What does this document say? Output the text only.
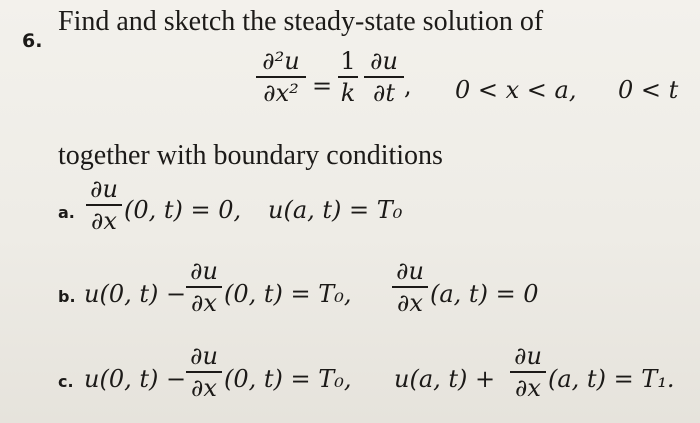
6.
Find and sketch the steady-state solution of
∂²u
∂x² =
1
k
∂u
∂t , 0 < x < a, 0 < t
together with boundary conditions
a.
∂u
∂x (0, t) = 0, u(a, t) = T₀
b. u(0, t) −
∂u
∂x (0, t) = T₀,
∂u
∂x (a, t) = 0
c. u(0, t) −
∂u
∂x (0, t) = T₀, u(a, t) +
∂u
∂x (a, t) = T₁.
